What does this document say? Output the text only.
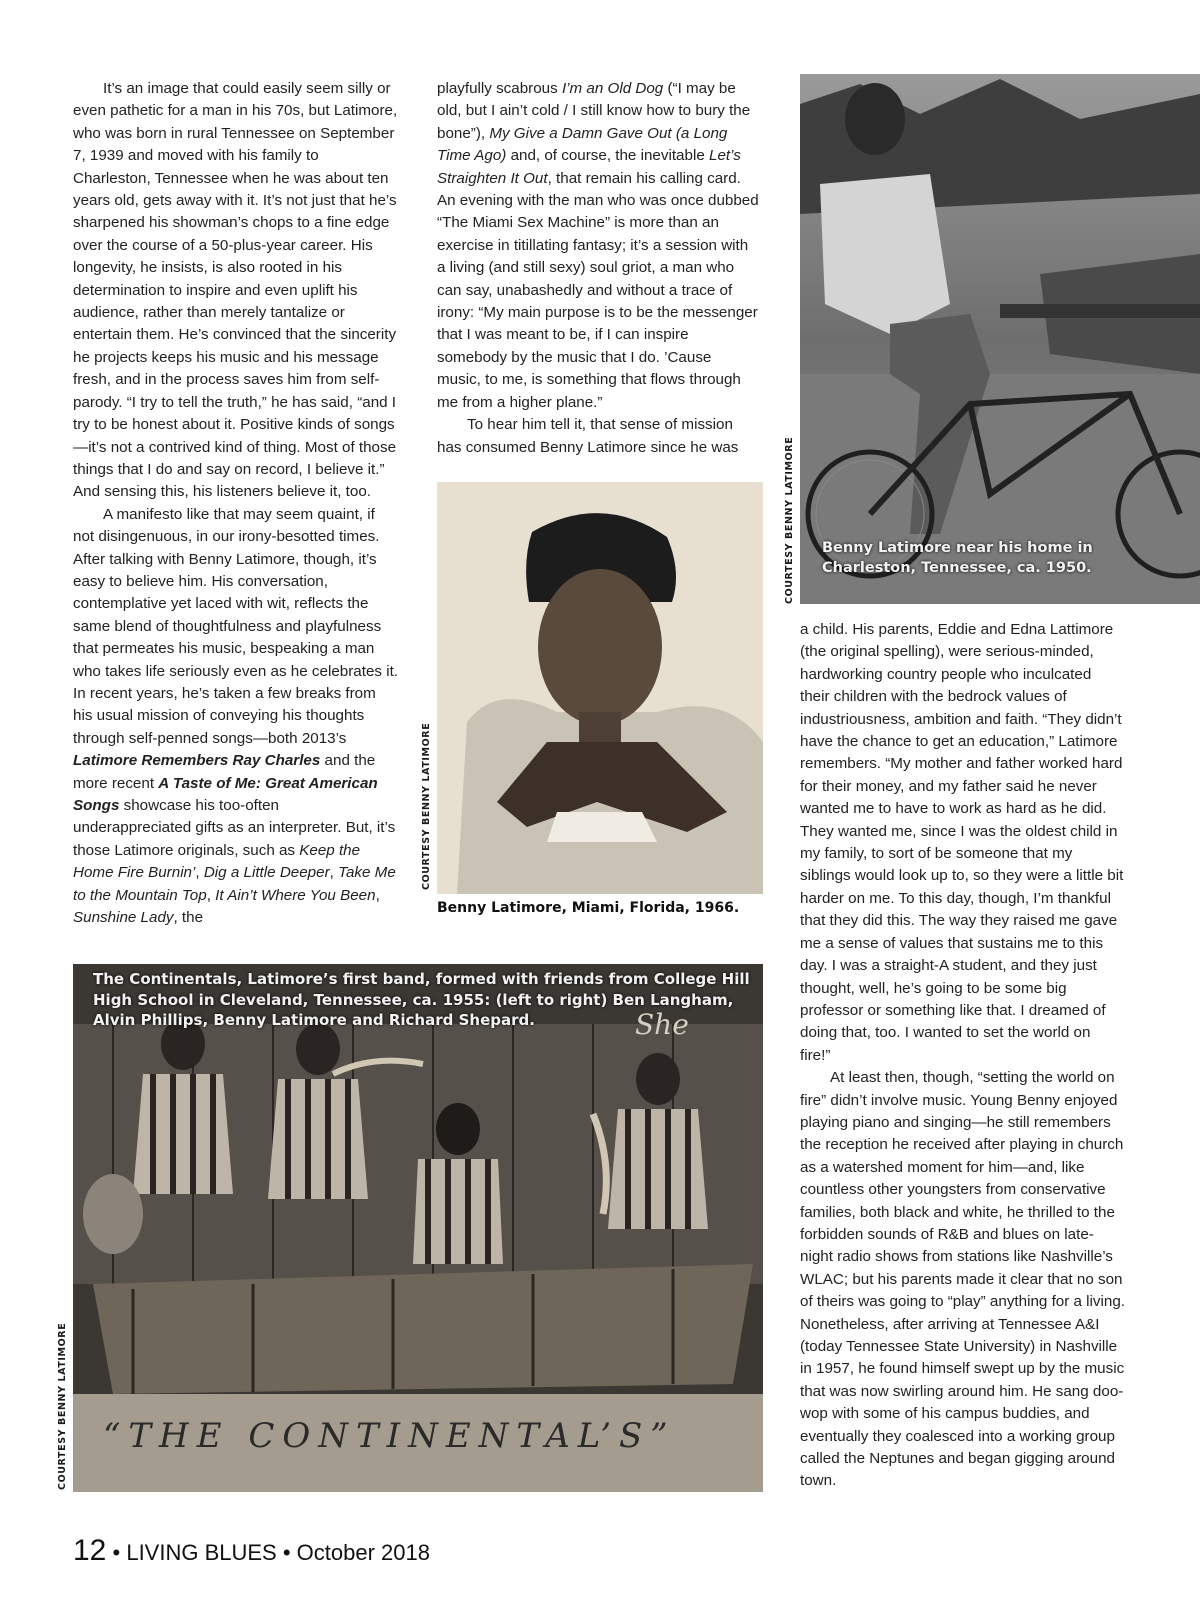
It’s an image that could easily seem silly or even pathetic for a man in his 70s, but Latimore, who was born in rural Tennessee on September 7, 1939 and moved with his family to Charleston, Tennessee when he was about ten years old, gets away with it. It’s not just that he’s sharpened his showman’s chops to a fine edge over the course of a 50-plus-year career. His longevity, he insists, is also rooted in his determination to inspire and even uplift his audience, rather than merely tantalize or entertain them. He’s convinced that the sincerity he projects keeps his music and his message fresh, and in the process saves him from self-parody. “I try to tell the truth,” he has said, “and I try to be honest about it. Positive kinds of songs—it’s not a contrived kind of thing. Most of those things that I do and say on record, I believe it.” And sensing this, his listeners believe it, too.

A manifesto like that may seem quaint, if not disingenuous, in our irony-besotted times. After talking with Benny Latimore, though, it’s easy to believe him. His conversation, contemplative yet laced with wit, reflects the same blend of thoughtfulness and playfulness that permeates his music, bespeaking a man who takes life seriously even as he celebrates it. In recent years, he’s taken a few breaks from his usual mission of conveying his thoughts through self-penned songs—both 2013’s Latimore Remembers Ray Charles and the more recent A Taste of Me: Great American Songs showcase his too-often underappreciated gifts as an interpreter. But, it’s those Latimore originals, such as Keep the Home Fire Burnin’, Dig a Little Deeper, Take Me to the Mountain Top, It Ain’t Where You Been, Sunshine Lady, the

playfully scabrous I’m an Old Dog (“I may be old, but I ain’t cold / I still know how to bury the bone”), My Give a Damn Gave Out (a Long Time Ago) and, of course, the inevitable Let’s Straighten It Out, that remain his calling card. An evening with the man who was once dubbed “The Miami Sex Machine” is more than an exercise in titillating fantasy; it’s a session with a living (and still sexy) soul griot, a man who can say, unabashedly and without a trace of irony: “My main purpose is to be the messenger that I was meant to be, if I can inspire somebody by the music that I do. ’Cause music, to me, is something that flows through me from a higher plane.”

To hear him tell it, that sense of mission has consumed Benny Latimore since he was

a child. His parents, Eddie and Edna Lattimore (the original spelling), were serious-minded, hardworking country people who inculcated their children with the bedrock values of industriousness, ambition and faith. “They didn’t have the chance to get an education,” Latimore remembers. “My mother and father worked hard for their money, and my father said he never wanted me to have to work as hard as he did. They wanted me, since I was the oldest child in my family, to sort of be someone that my siblings would look up to, so they were a little bit harder on me. To this day, though, I’m thankful that they did this. The way they raised me gave me a sense of values that sustains me to this day. I was a straight-A student, and they just thought, well, he’s going to be some big professor or something like that. I dreamed of doing that, too. I wanted to set the world on fire!”

At least then, though, “setting the world on fire” didn’t involve music. Young Benny enjoyed playing piano and singing—he still remembers the reception he received after playing in church as a watershed moment for him—and, like countless other youngsters from conservative families, both black and white, he thrilled to the forbidden sounds of R&B and blues on late-night radio shows from stations like Nashville’s WLAC; but his parents made it clear that no son of theirs was going to “play” anything for a living. Nonetheless, after arriving at Tennessee A&I (today Tennessee State University) in Nashville in 1957, he found himself swept up by the music that was now swirling around him. He sang doo-wop with some of his campus buddies, and eventually they coalesced into a working group called the Neptunes and began gigging around town.

Benny Latimore near his home in
Charleston, Tennessee, ca. 1950.
COURTESY BENNY LATIMORE
COURTESY BENNY LATIMORE
Benny Latimore, Miami, Florida, 1966.
“THE CONTINENTAL’S”
She
The Continentals, Latimore’s first band, formed with friends from College Hill
High School in Cleveland, Tennessee, ca. 1955: (left to right) Ben Langham,
Alvin Phillips, Benny Latimore and Richard Shepard.
COURTESY BENNY LATIMORE
12 • LIVING BLUES • October 2018
